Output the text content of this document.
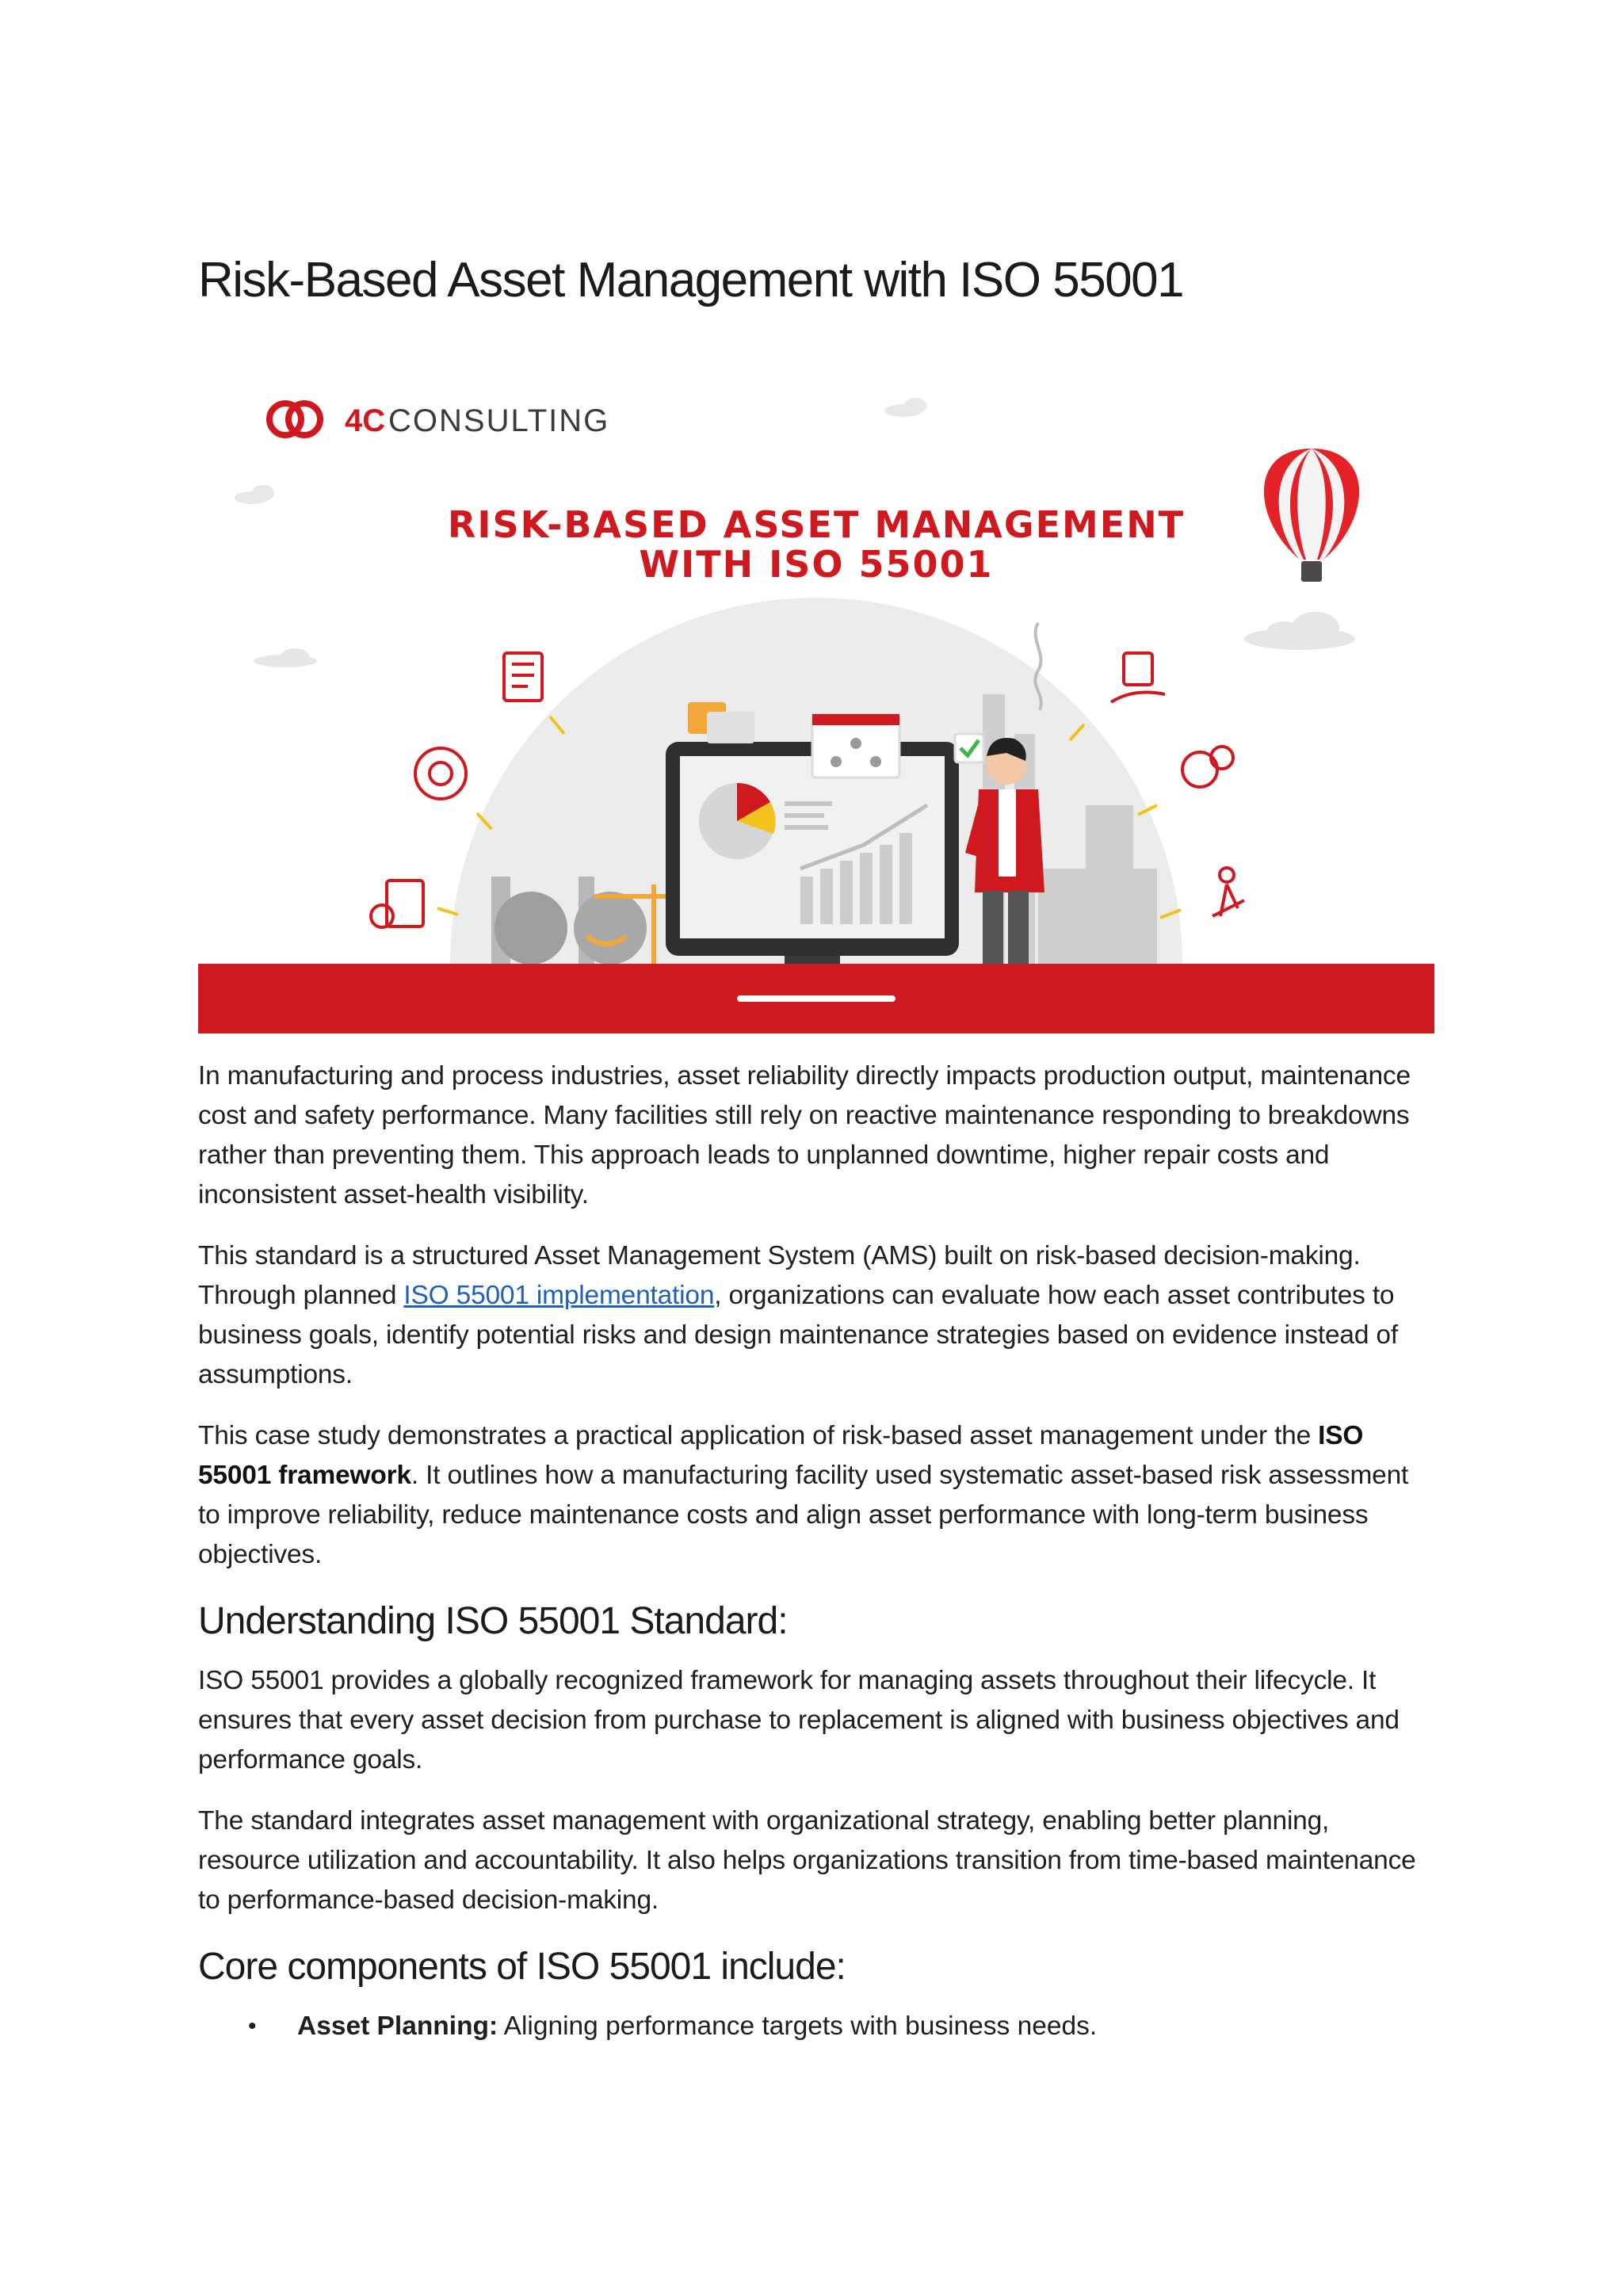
Risk-Based Asset Management with ISO 55001
4C CONSULTING
RISK-BASED ASSET MANAGEMENT
WITH ISO 55001

In manufacturing and process industries, asset reliability directly impacts production output, maintenance cost and safety performance. Many facilities still rely on reactive maintenance responding to breakdowns rather than preventing them. This approach leads to unplanned downtime, higher repair costs and inconsistent asset-health visibility.

This standard is a structured Asset Management System (AMS) built on risk-based decision-making. Through planned ISO 55001 implementation, organizations can evaluate how each asset contributes to business goals, identify potential risks and design maintenance strategies based on evidence instead of assumptions.

This case study demonstrates a practical application of risk-based asset management under the ISO 55001 framework. It outlines how a manufacturing facility used systematic asset-based risk assessment to improve reliability, reduce maintenance costs and align asset performance with long-term business objectives.

Understanding ISO 55001 Standard:

ISO 55001 provides a globally recognized framework for managing assets throughout their lifecycle. It ensures that every asset decision from purchase to replacement is aligned with business objectives and performance goals.

The standard integrates asset management with organizational strategy, enabling better planning, resource utilization and accountability. It also helps organizations transition from time-based maintenance to performance-based decision-making.

Core components of ISO 55001 include:
• Asset Planning: Aligning performance targets with business needs.
